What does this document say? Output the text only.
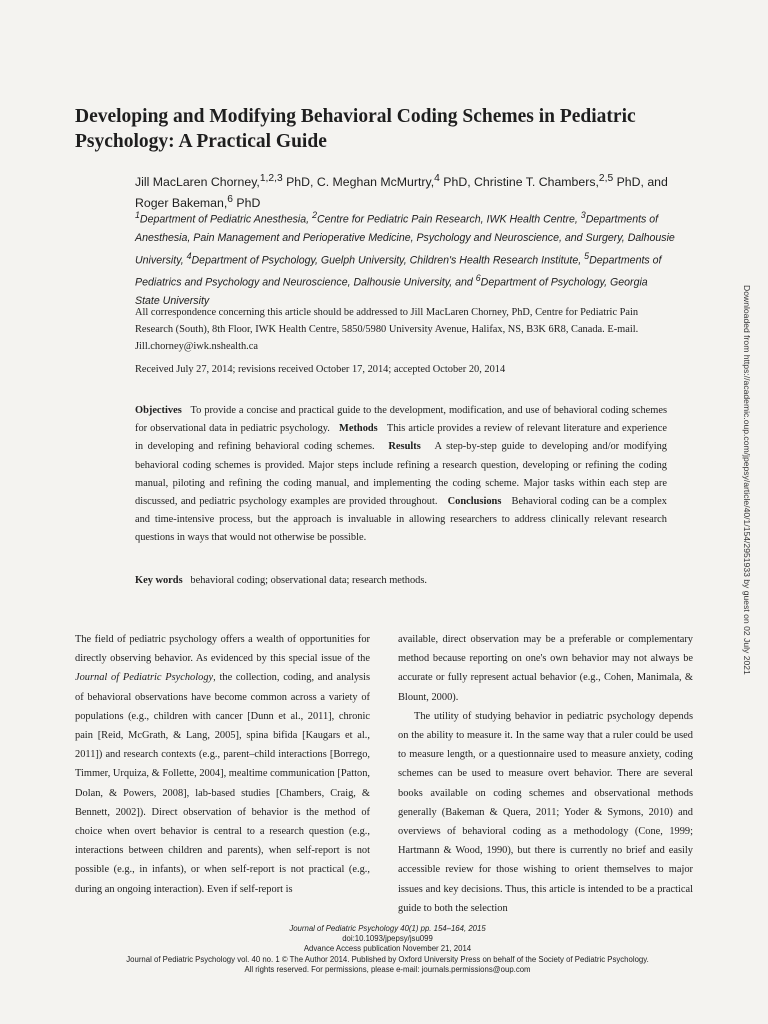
Developing and Modifying Behavioral Coding Schemes in Pediatric Psychology: A Practical Guide
Jill MacLaren Chorney,$^{1,2,3}$ PhD, C. Meghan McMurtry,$^4$ PhD, Christine T. Chambers,$^{2,5}$ PhD, and Roger Bakeman,$^6$ PhD
$^1$Department of Pediatric Anesthesia, $^2$Centre for Pediatric Pain Research, IWK Health Centre, $^3$Departments of Anesthesia, Pain Management and Perioperative Medicine, Psychology and Neuroscience, and Surgery, Dalhousie University, $^4$Department of Psychology, Guelph University, Children's Health Research Institute, $^5$Departments of Pediatrics and Psychology and Neuroscience, Dalhousie University, and $^6$Department of Psychology, Georgia State University
All correspondence concerning this article should be addressed to Jill MacLaren Chorney, PhD, Centre for Pediatric Pain Research (South), 8th Floor, IWK Health Centre, 5850/5980 University Avenue, Halifax, NS, B3K 6R8, Canada. E-mail. Jill.chorney@iwk.nshealth.ca
Received July 27, 2014; revisions received October 17, 2014; accepted October 20, 2014
Objectives To provide a concise and practical guide to the development, modification, and use of behavioral coding schemes for observational data in pediatric psychology. Methods This article provides a review of relevant literature and experience in developing and refining behavioral coding schemes. Results A step-by-step guide to developing and/or modifying behavioral coding schemes is provided. Major steps include refining a research question, developing or refining the coding manual, piloting and refining the coding manual, and implementing the coding scheme. Major tasks within each step are discussed, and pediatric psychology examples are provided throughout. Conclusions Behavioral coding can be a complex and time-intensive process, but the approach is invaluable in allowing researchers to address clinically relevant research questions in ways that would not otherwise be possible.
Key words behavioral coding; observational data; research methods.

The field of pediatric psychology offers a wealth of opportunities for directly observing behavior. As evidenced by this special issue of the Journal of Pediatric Psychology, the collection, coding, and analysis of behavioral observations have become common across a variety of populations (e.g., children with cancer [Dunn et al., 2011], chronic pain [Reid, McGrath, & Lang, 2005], spina bifida [Kaugars et al., 2011]) and research contexts (e.g., parent–child interactions [Borrego, Timmer, Urquiza, & Follette, 2004], mealtime communication [Patton, Dolan, & Powers, 2008], lab-based studies [Chambers, Craig, & Bennett, 2002]). Direct observation of behavior is the method of choice when overt behavior is central to a research question (e.g., interactions between children and parents), when self-report is not possible (e.g., in infants), or when self-report is not practical (e.g., during an ongoing interaction). Even if self-report is

available, direct observation may be a preferable or complementary method because reporting on one's own behavior may not always be accurate or fully represent actual behavior (e.g., Cohen, Manimala, & Blount, 2000).

The utility of studying behavior in pediatric psychology depends on the ability to measure it. In the same way that a ruler could be used to measure length, or a questionnaire used to measure anxiety, coding schemes can be used to measure overt behavior. There are several books available on coding schemes and observational methods generally (Bakeman & Quera, 2011; Yoder & Symons, 2010) and overviews of behavioral coding as a methodology (Cone, 1999; Hartmann & Wood, 1990), but there is currently no brief and easily accessible review for those wishing to orient themselves to major issues and key decisions. Thus, this article is intended to be a practical guide to both the selection

Journal of Pediatric Psychology 40(1) pp. 154–164, 2015
doi:10.1093/jpepsy/jsu099
Advance Access publication November 21, 2014
Journal of Pediatric Psychology vol. 40 no. 1 © The Author 2014. Published by Oxford University Press on behalf of the Society of Pediatric Psychology.
All rights reserved. For permissions, please e-mail: journals.permissions@oup.com
Downloaded from https://academic.oup.com/jpepsy/article/40/1/154/2951933 by guest on 02 July 2021
